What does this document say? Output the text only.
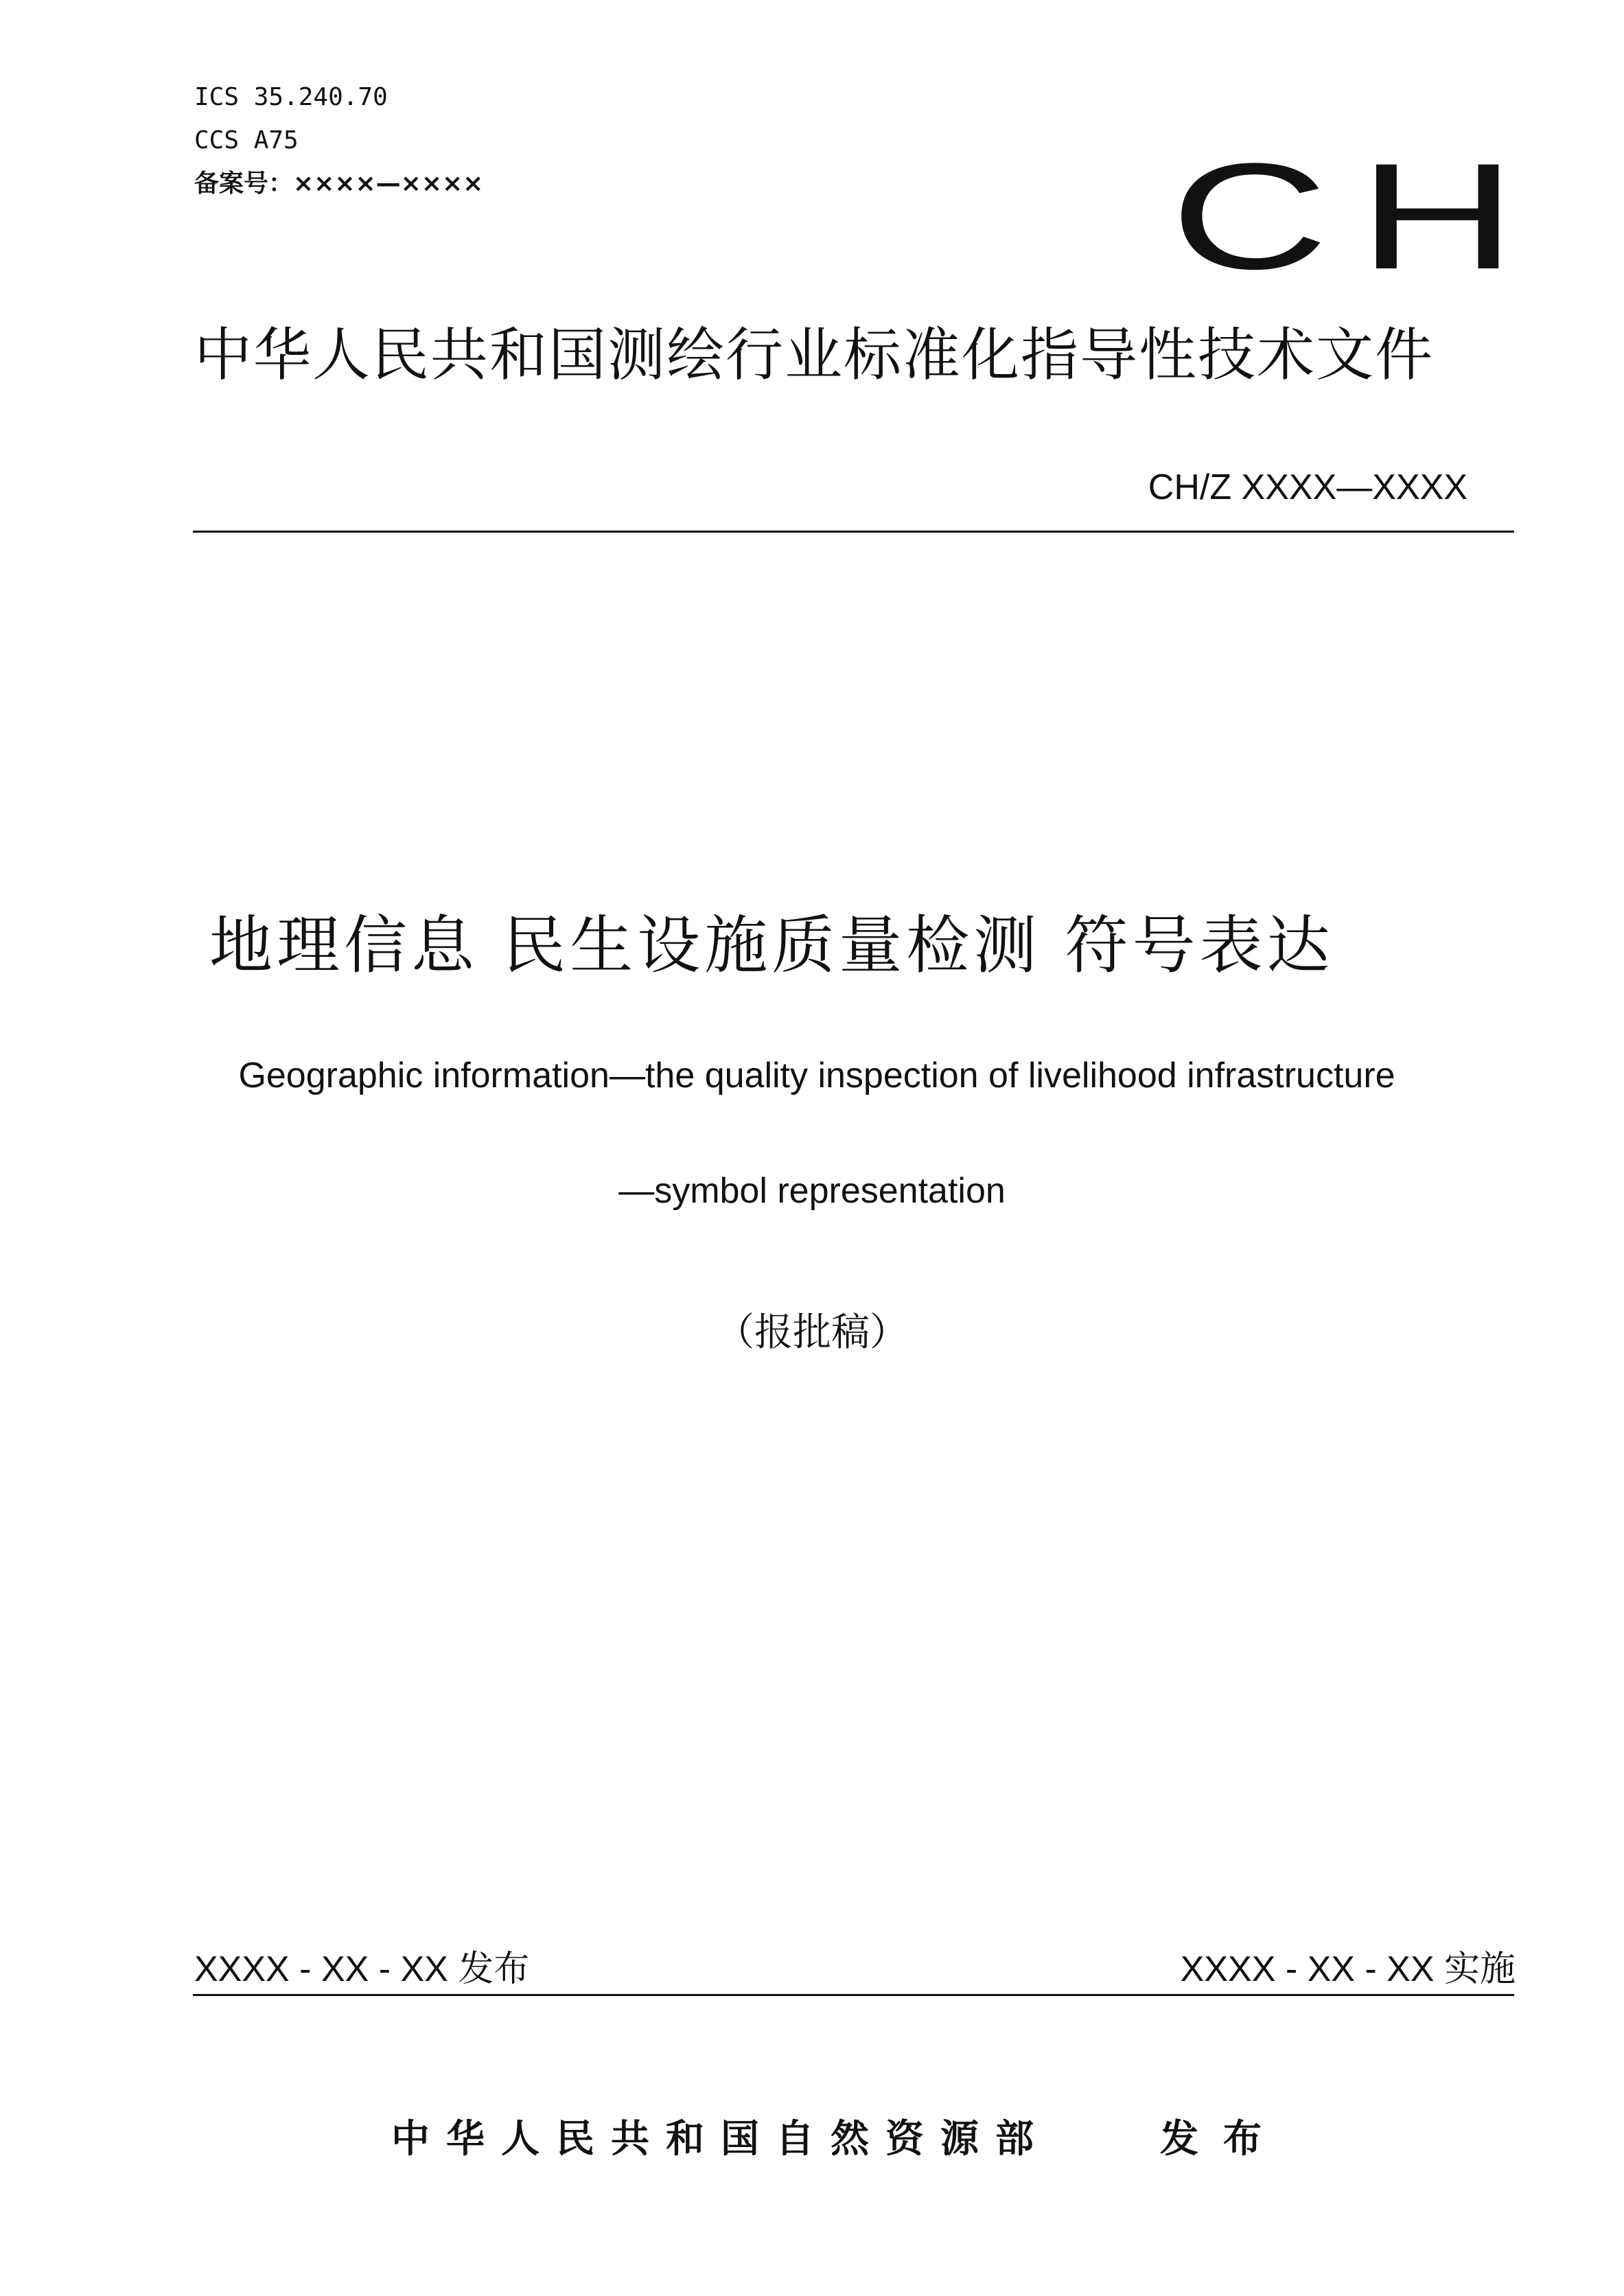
ICS 35.240.70
CCS A75
备案号：××××—××××	CH
中华人民共和国测绘行业标准化指导性技术文件
CH/Z XXXX—XXXX
地理信息 民生设施质量检测 符号表达
Geographic information—the quality inspection of livelihood infrastructure
—symbol representation
（报批稿）
XXXX - XX - XX 发布	XXXX - XX - XX 实施
中华人民共和国自然资源部	发布
